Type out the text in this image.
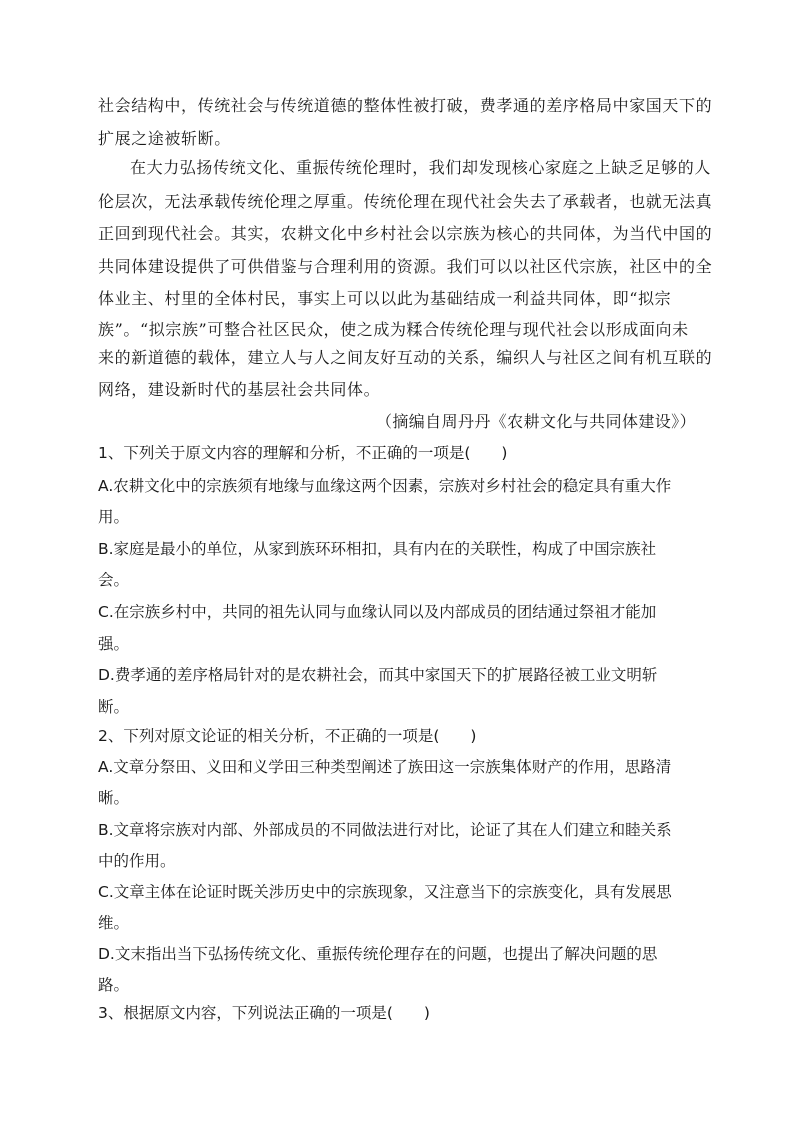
社会结构中，传统社会与传统道德的整体性被打破，费孝通的差序格局中家国天下的
扩展之途被斩断。
在大力弘扬传统文化、重振传统伦理时，我们却发现核心家庭之上缺乏足够的人
伦层次，无法承载传统伦理之厚重。传统伦理在现代社会失去了承载者，也就无法真
正回到现代社会。其实，农耕文化中乡村社会以宗族为核心的共同体，为当代中国的
共同体建设提供了可供借鉴与合理利用的资源。我们可以以社区代宗族，社区中的全
体业主、村里的全体村民，事实上可以以此为基础结成一利益共同体，即“拟宗
族”。“拟宗族”可整合社区民众，使之成为糅合传统伦理与现代社会以形成面向未
来的新道德的载体，建立人与人之间友好互动的关系，编织人与社区之间有机互联的
网络，建设新时代的基层社会共同体。
（摘编自周丹丹《农耕文化与共同体建设》）
1、下列关于原文内容的理解和分析，不正确的一项是(　　)
A.农耕文化中的宗族须有地缘与血缘这两个因素，宗族对乡村社会的稳定具有重大作
用。
B.家庭是最小的单位，从家到族环环相扣，具有内在的关联性，构成了中国宗族社
会。
C.在宗族乡村中，共同的祖先认同与血缘认同以及内部成员的团结通过祭祖才能加
强。
D.费孝通的差序格局针对的是农耕社会，而其中家国天下的扩展路径被工业文明斩
断。
2、下列对原文论证的相关分析，不正确的一项是(　　)
A.文章分祭田、义田和义学田三种类型阐述了族田这一宗族集体财产的作用，思路清
晰。
B.文章将宗族对内部、外部成员的不同做法进行对比，论证了其在人们建立和睦关系
中的作用。
C.文章主体在论证时既关涉历史中的宗族现象，又注意当下的宗族变化，具有发展思
维。
D.文末指出当下弘扬传统文化、重振传统伦理存在的问题，也提出了解决问题的思
路。
3、根据原文内容，下列说法正确的一项是(　　)
